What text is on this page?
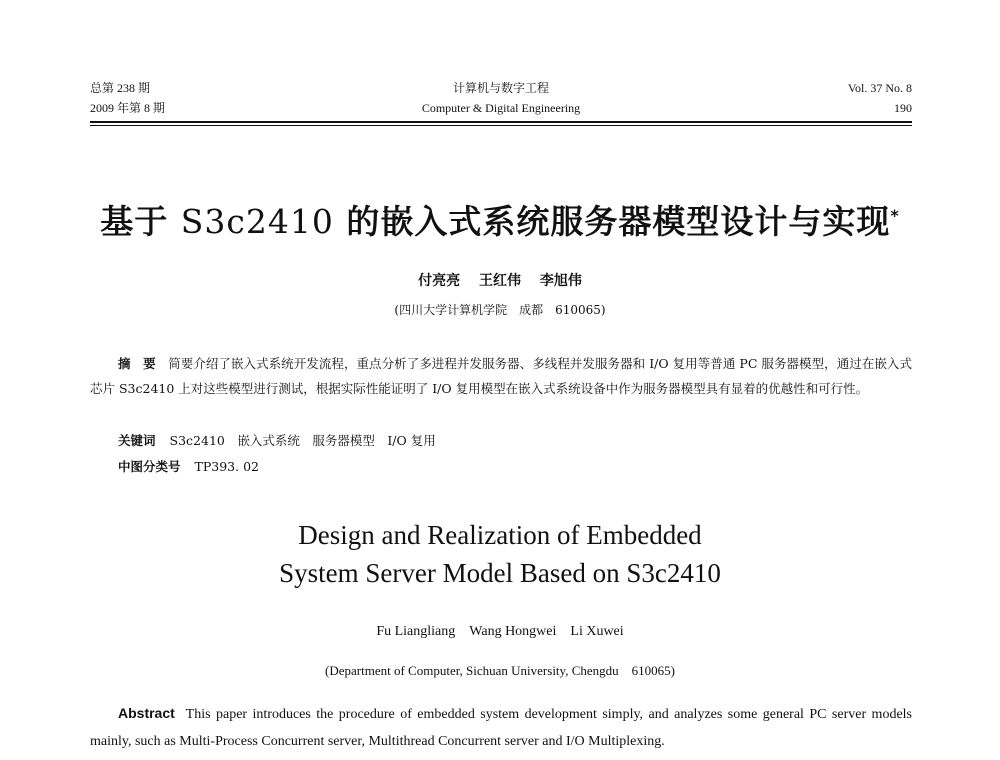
总第 238 期
2009 年第 8 期
计算机与数字工程
Computer & Digital Engineering
Vol. 37 No. 8
190
基于 S3c2410 的嵌入式系统服务器模型设计与实现*
付亮亮 王红伟 李旭伟
(四川大学计算机学院　成都　610065)
摘　要　 简要介绍了嵌入式系统开发流程，重点分析了多进程并发服务器、多线程并发服务器和 I/O 复用等普通 PC 服务器模型，通过在嵌入式芯片 S3c2410 上对这些模型进行测试，根据实际性能证明了 I/O 复用模型在嵌入式系统设备中作为服务器模型具有显着的优越性和可行性。
关键词 S3c2410　嵌入式系统　服务器模型　I/O 复用
中图分类号 TP393. 02
Design and Realization of Embedded
System Server Model Based on S3c2410
Fu Liangliang　Wang Hongwei　Li Xuwei
(Department of Computer, Sichuan University, Chengdu　610065)
Abstract This paper introduces the procedure of embedded system development simply, and analyzes some general PC server models mainly, such as Multi-Process Concurrent server, Multithread Concurrent server and I/O Multiplexing.
